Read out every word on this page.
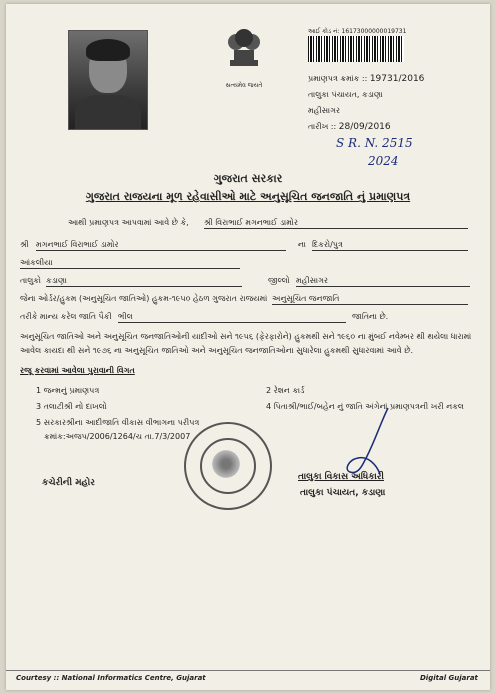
સત્યમેવ જયતે
આઈ કોડ નં: 16173000000019731
પ્રમાણપત્ર ક્રમાંક :: 19731/2016
તાલુકા પંચાયત, કડાણા
મહીસાગર
તારીખ :: 28/09/2016
S R. N. 2515
2024
ગુજરાત સરકાર
ગુજરાત રાજયના મૂળ રહેવાસીઓ માટે અનુસૂચિત જનજાતિ નું પ્રમાણપત્ર
આથી પ્રમાણપત્ર આપવામાં આવે છે કે, શ્રી વિરાભાઈ મગનભાઈ ડામોર
શ્રી મગનભાઈ વિરાભાઈ ડામોર	ના દિકરો/પુત્ર
આંકલીયા
તાલુકો કડાણા	જીલ્લો મહીસાગર
જેના ઓર્ડર/હુકમ (અનુસૂચિત જાતિઓ) હુકમ-૧૯૫૦ હેઠળ ગુજરાત રાજયમાં અનુસૂચિત જનજાતિ
તરીકે માન્ય કરેલ જાતિ પૈકી ભીલ	જાતિના છે.
અનુસૂચિત જાતિઓ અને અનુસૂચિત જનજાતિઓની યાદીઓ સને ૧૯૫૬ (ફેરફારોને) હુકમથી સને ૧૯૬૦ ના મુંબઈ નવેમ્બર થી થયેલા ધારામાં આવેલ કાયદા થી સને ૧૯૭૬ ના અનુસૂચિત જાતિઓ અને અનુસૂચિત જનજાતિઓના સુધારેલા હુકમથી સુધારવામાં આવે છે.
રજૂ કરવામાં આવેલા પુરાવાની વિગત
1 જન્મનું પ્રમાણપત્ર	2 રેશન કાર્ડ
3 તલાટીશ્રી નો દાખલો	4 પિતાશ્રી/ભાઈ/બહેન નું જાતિ અંગેનાં પ્રમાણપત્રની ખરી નકલ
5 સરકારશ્રીના આદીજાતિ વીકાસ વીભાગના પરીપત્ર
ક્રમાંક:અજપ/2006/1264/ચ તા.7/3/2007
કચેરીની મહોર
તાલુકા વિકાસ અધિકારી
તાલુકા પંચાયત, કડાણા
Courtesy :: National Informatics Centre, Gujarat	Digital Gujarat
